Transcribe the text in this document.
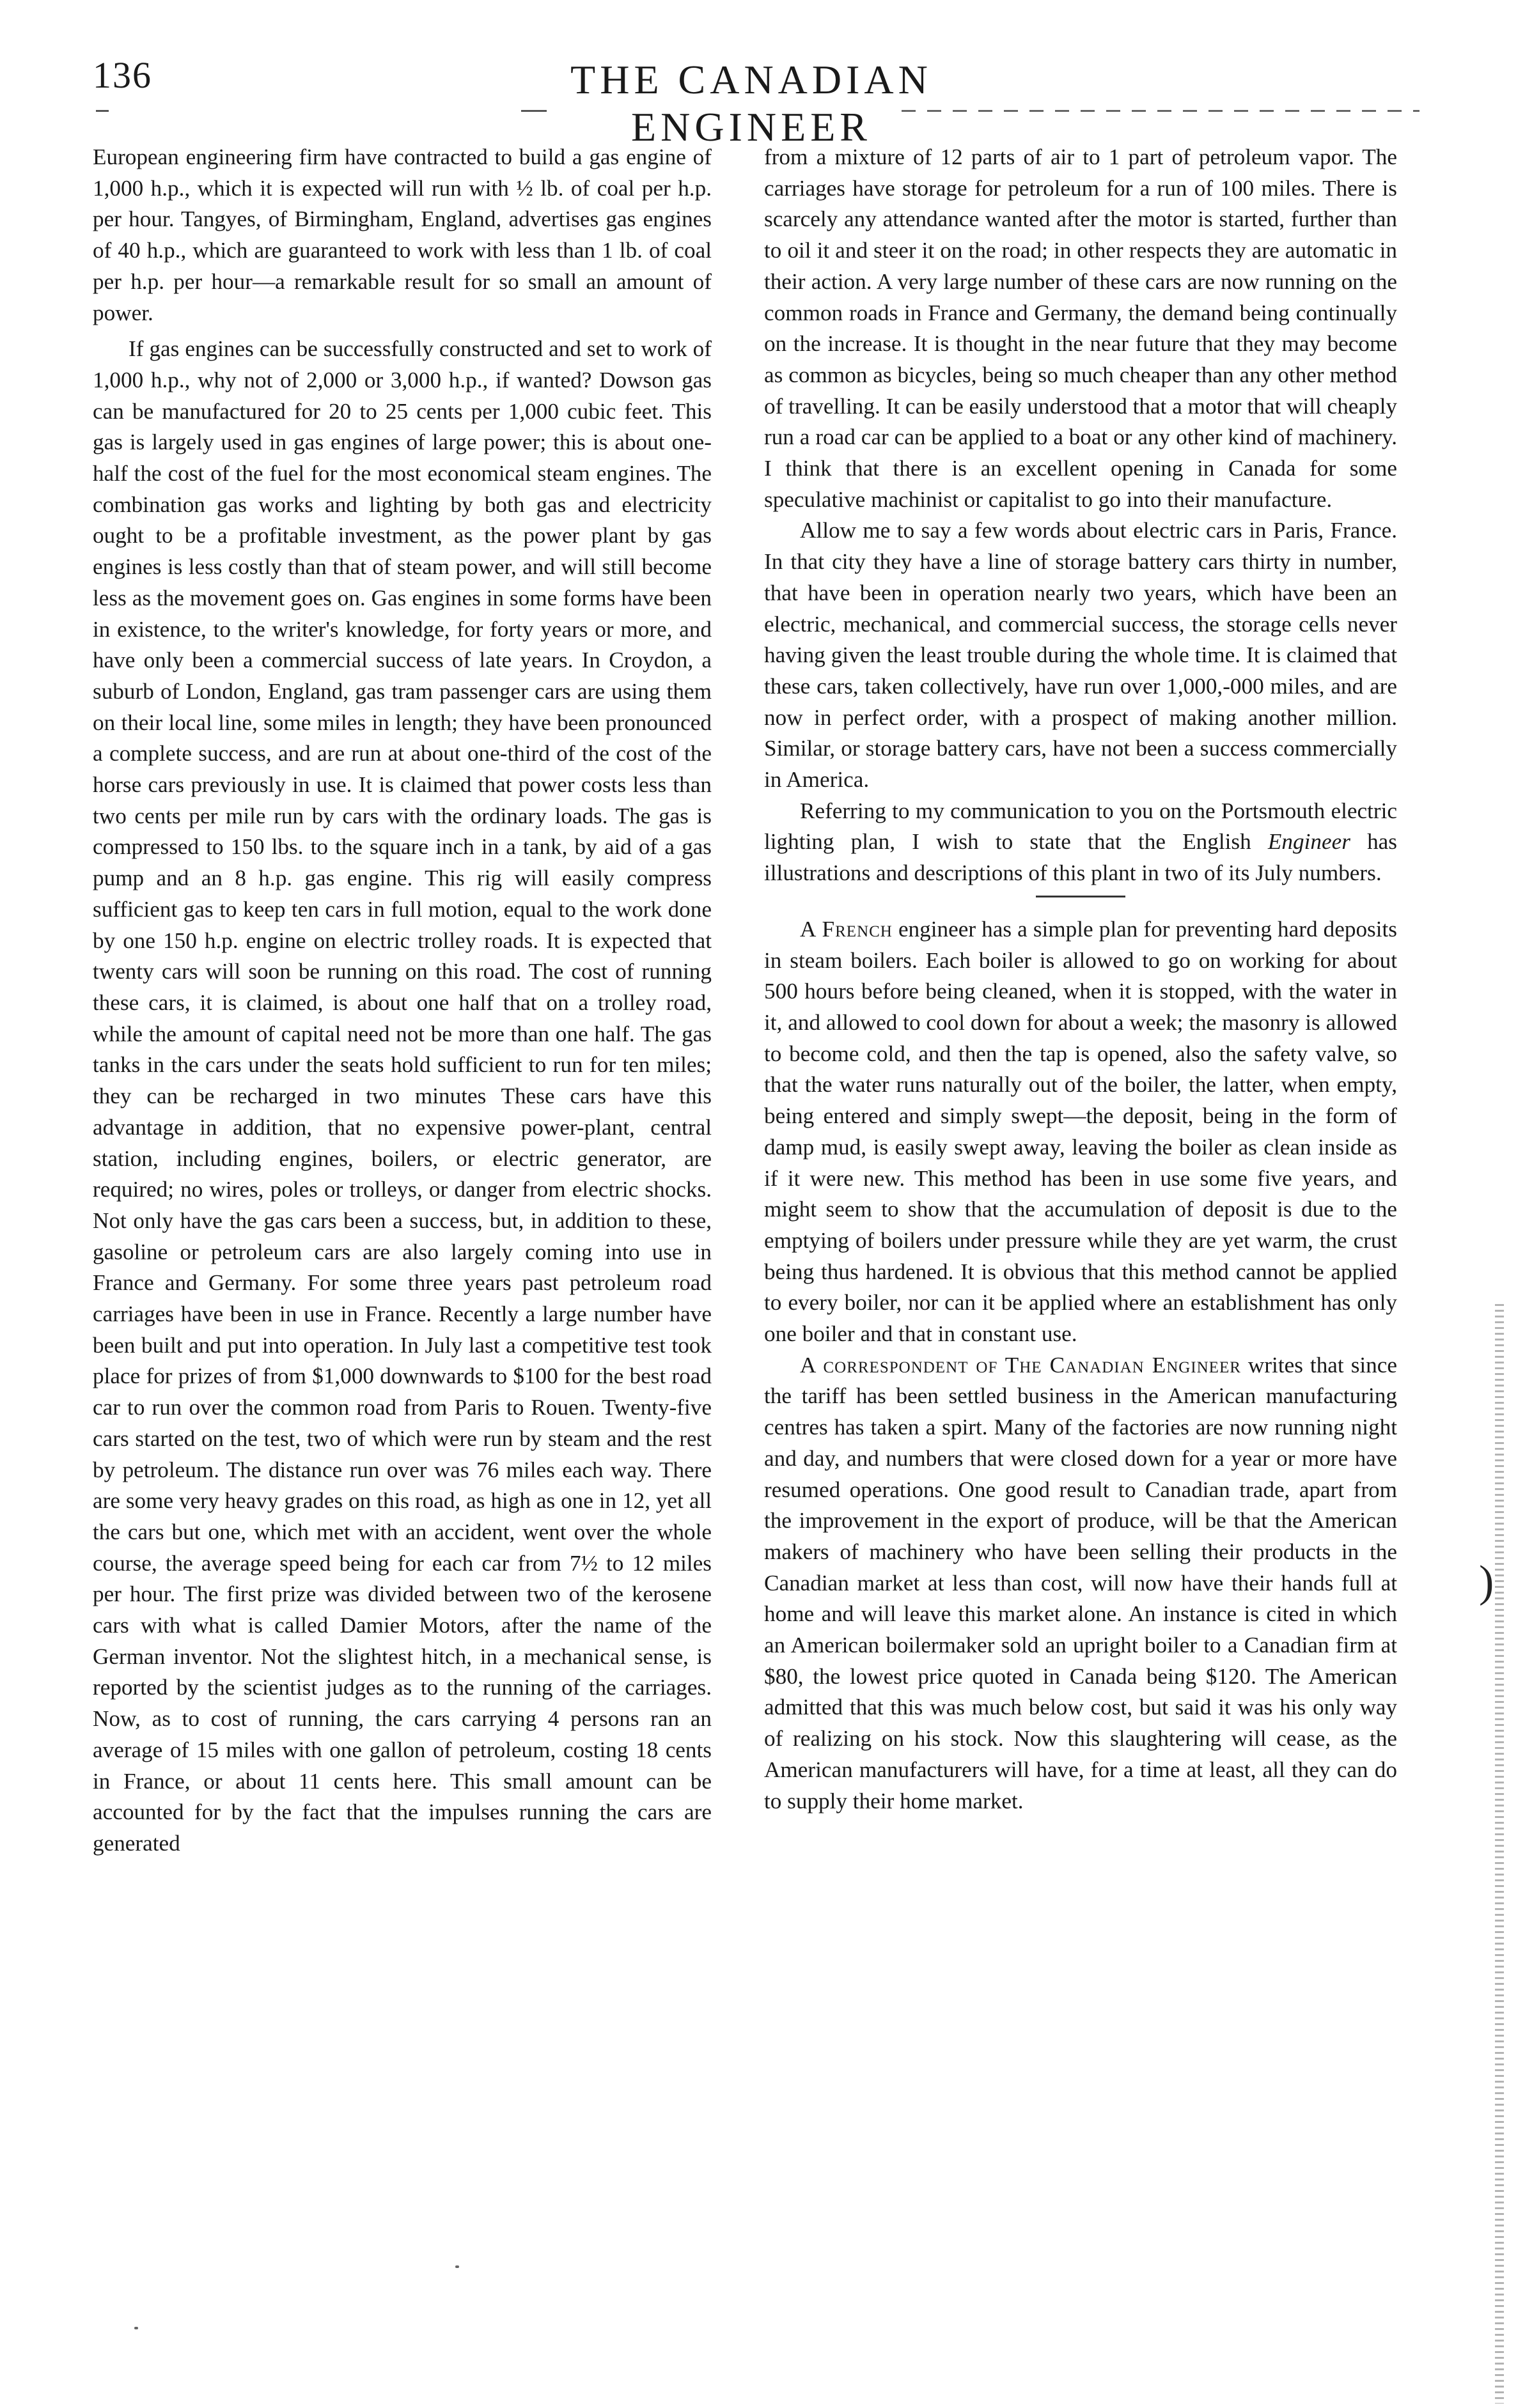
136	THE CANADIAN ENGINEER

European engineering firm have contracted to build a gas engine of 1,000 h.p., which it is expected will run with ½ lb. of coal per h.p. per hour. Tangyes, of Birmingham, England, advertises gas engines of 40 h.p., which are guaranteed to work with less than 1 lb. of coal per h.p. per hour—a remarkable result for so small an amount of power.

If gas engines can be successfully constructed and set to work of 1,000 h.p., why not of 2,000 or 3,000 h.p., if wanted? Dowson gas can be manufactured for 20 to 25 cents per 1,000 cubic feet. This gas is largely used in gas engines of large power; this is about one-half the cost of the fuel for the most economical steam engines. The combination gas works and lighting by both gas and electricity ought to be a profitable investment, as the power plant by gas engines is less costly than that of steam power, and will still become less as the movement goes on. Gas engines in some forms have been in existence, to the writer's knowledge, for forty years or more, and have only been a commercial success of late years. In Croydon, a suburb of London, England, gas tram passenger cars are using them on their local line, some miles in length; they have been pronounced a complete success, and are run at about one-third of the cost of the horse cars previously in use. It is claimed that power costs less than two cents per mile run by cars with the ordinary loads. The gas is compressed to 150 lbs. to the square inch in a tank, by aid of a gas pump and an 8 h.p. gas engine. This rig will easily compress sufficient gas to keep ten cars in full motion, equal to the work done by one 150 h.p. engine on electric trolley roads. It is expected that twenty cars will soon be running on this road. The cost of running these cars, it is claimed, is about one half that on a trolley road, while the amount of capital need not be more than one half. The gas tanks in the cars under the seats hold sufficient to run for ten miles; they can be recharged in two minutes These cars have this advantage in addition, that no expensive power-plant, central station, including engines, boilers, or electric generator, are required; no wires, poles or trolleys, or danger from electric shocks. Not only have the gas cars been a success, but, in addition to these, gasoline or petroleum cars are also largely coming into use in France and Germany. For some three years past petroleum road carriages have been in use in France. Recently a large number have been built and put into operation. In July last a competitive test took place for prizes of from $1,000 downwards to $100 for the best road car to run over the common road from Paris to Rouen. Twenty-five cars started on the test, two of which were run by steam and the rest by petroleum. The distance run over was 76 miles each way. There are some very heavy grades on this road, as high as one in 12, yet all the cars but one, which met with an accident, went over the whole course, the average speed being for each car from 7½ to 12 miles per hour. The first prize was divided between two of the kerosene cars with what is called Damier Motors, after the name of the German inventor. Not the slightest hitch, in a mechanical sense, is reported by the scientist judges as to the running of the carriages. Now, as to cost of running, the cars carrying 4 persons ran an average of 15 miles with one gallon of petroleum, costing 18 cents in France, or about 11 cents here. This small amount can be accounted for by the fact that the impulses running the cars are generated

from a mixture of 12 parts of air to 1 part of petroleum vapor. The carriages have storage for petroleum for a run of 100 miles. There is scarcely any attendance wanted after the motor is started, further than to oil it and steer it on the road; in other respects they are automatic in their action. A very large number of these cars are now running on the common roads in France and Germany, the demand being continually on the increase. It is thought in the near future that they may become as common as bicycles, being so much cheaper than any other method of travelling. It can be easily understood that a motor that will cheaply run a road car can be applied to a boat or any other kind of machinery. I think that there is an excellent opening in Canada for some speculative machinist or capitalist to go into their manufacture.

Allow me to say a few words about electric cars in Paris, France. In that city they have a line of storage battery cars thirty in number, that have been in operation nearly two years, which have been an electric, mechanical, and commercial success, the storage cells never having given the least trouble during the whole time. It is claimed that these cars, taken collectively, have run over 1,000,-000 miles, and are now in perfect order, with a prospect of making another million. Similar, or storage battery cars, have not been a success commercially in America.

Referring to my communication to you on the Portsmouth electric lighting plan, I wish to state that the English Engineer has illustrations and descriptions of this plant in two of its July numbers.

A French engineer has a simple plan for preventing hard deposits in steam boilers. Each boiler is allowed to go on working for about 500 hours before being cleaned, when it is stopped, with the water in it, and allowed to cool down for about a week; the masonry is allowed to become cold, and then the tap is opened, also the safety valve, so that the water runs naturally out of the boiler, the latter, when empty, being entered and simply swept—the deposit, being in the form of damp mud, is easily swept away, leaving the boiler as clean inside as if it were new. This method has been in use some five years, and might seem to show that the accumulation of deposit is due to the emptying of boilers under pressure while they are yet warm, the crust being thus hardened. It is obvious that this method cannot be applied to every boiler, nor can it be applied where an establishment has only one boiler and that in constant use.

A correspondent of The Canadian Engineer writes that since the tariff has been settled business in the American manufacturing centres has taken a spirt. Many of the factories are now running night and day, and numbers that were closed down for a year or more have resumed operations. One good result to Canadian trade, apart from the improvement in the export of produce, will be that the American makers of machinery who have been selling their products in the Canadian market at less than cost, will now have their hands full at home and will leave this market alone. An instance is cited in which an American boilermaker sold an upright boiler to a Canadian firm at $80, the lowest price quoted in Canada being $120. The American admitted that this was much below cost, but said it was his only way of realizing on his stock. Now this slaughtering will cease, as the American manufacturers will have, for a time at least, all they can do to supply their home market.

)
